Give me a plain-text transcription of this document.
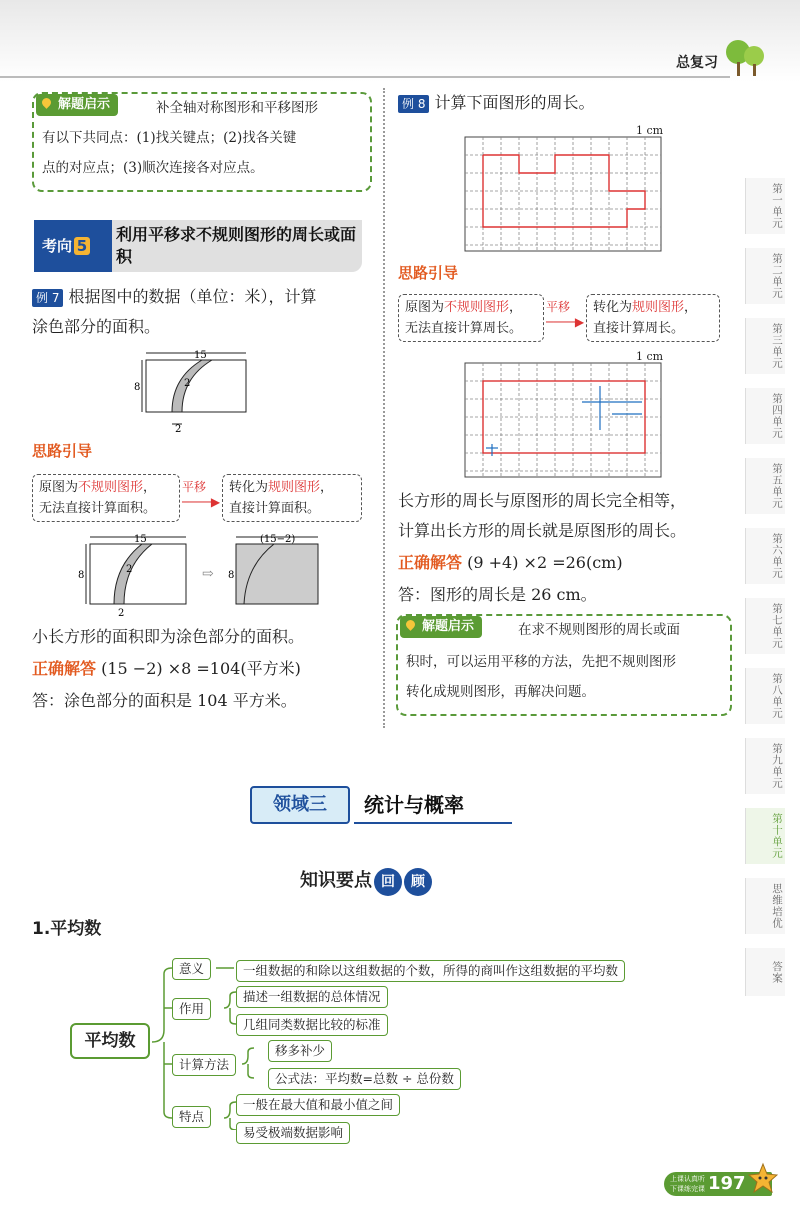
总复习
解题启示	补全轴对称图形和平移图形
有以下共同点：(1)找关键点；(2)找各关键
点的对应点；(3)顺次连接各对应点。
考向 5
利用平移求不规则图形的周长或面积
例 7 根据图中的数据（单位：米），计算
涂色部分的面积。
15
8	2
2
思路引导
原图为不规则图形，
无法直接计算面积。
平移
────▶
转化为规则图形，
直接计算面积。
15
8
2
2
⇨
(15−2)
8
小长方形的面积即为涂色部分的面积。
正确解答 (15 −2) ×8 =104(平方米)
答：涂色部分的面积是 104 平方米。
例 8 计算下面图形的周长。
1 cm
思路引导
原图为不规则图形，
无法直接计算周长。
平移
────▶
转化为规则图形，
直接计算周长。
1 cm
长方形的周长与原图形的周长完全相等，
计算出长方形的周长就是原图形的周长。
正确解答 (9 +4) ×2 =26(cm)
答：图形的周长是 26 cm。
解题启示	在求不规则图形的周长或面
积时，可以运用平移的方法，先把不规则图形
转化成规则图形，再解决问题。
领域三	统计与概率
知识要点 回 顾
1.平均数
平均数
意义	一组数据的和除以这组数据的个数，所得的商叫作这组数据的平均数
作用
描述一组数据的总体情况
几组同类数据比较的标准
计算方法
移多补少
公式法：平均数=总数 ÷ 总份数
特点
一般在最大值和最小值之间
易受极端数据影响
第一单元
第二单元
第三单元
第四单元
第五单元
第六单元
第七单元
第八单元
第九单元
第十单元
思维培优
答案
上课认真听
下课练完课 197
